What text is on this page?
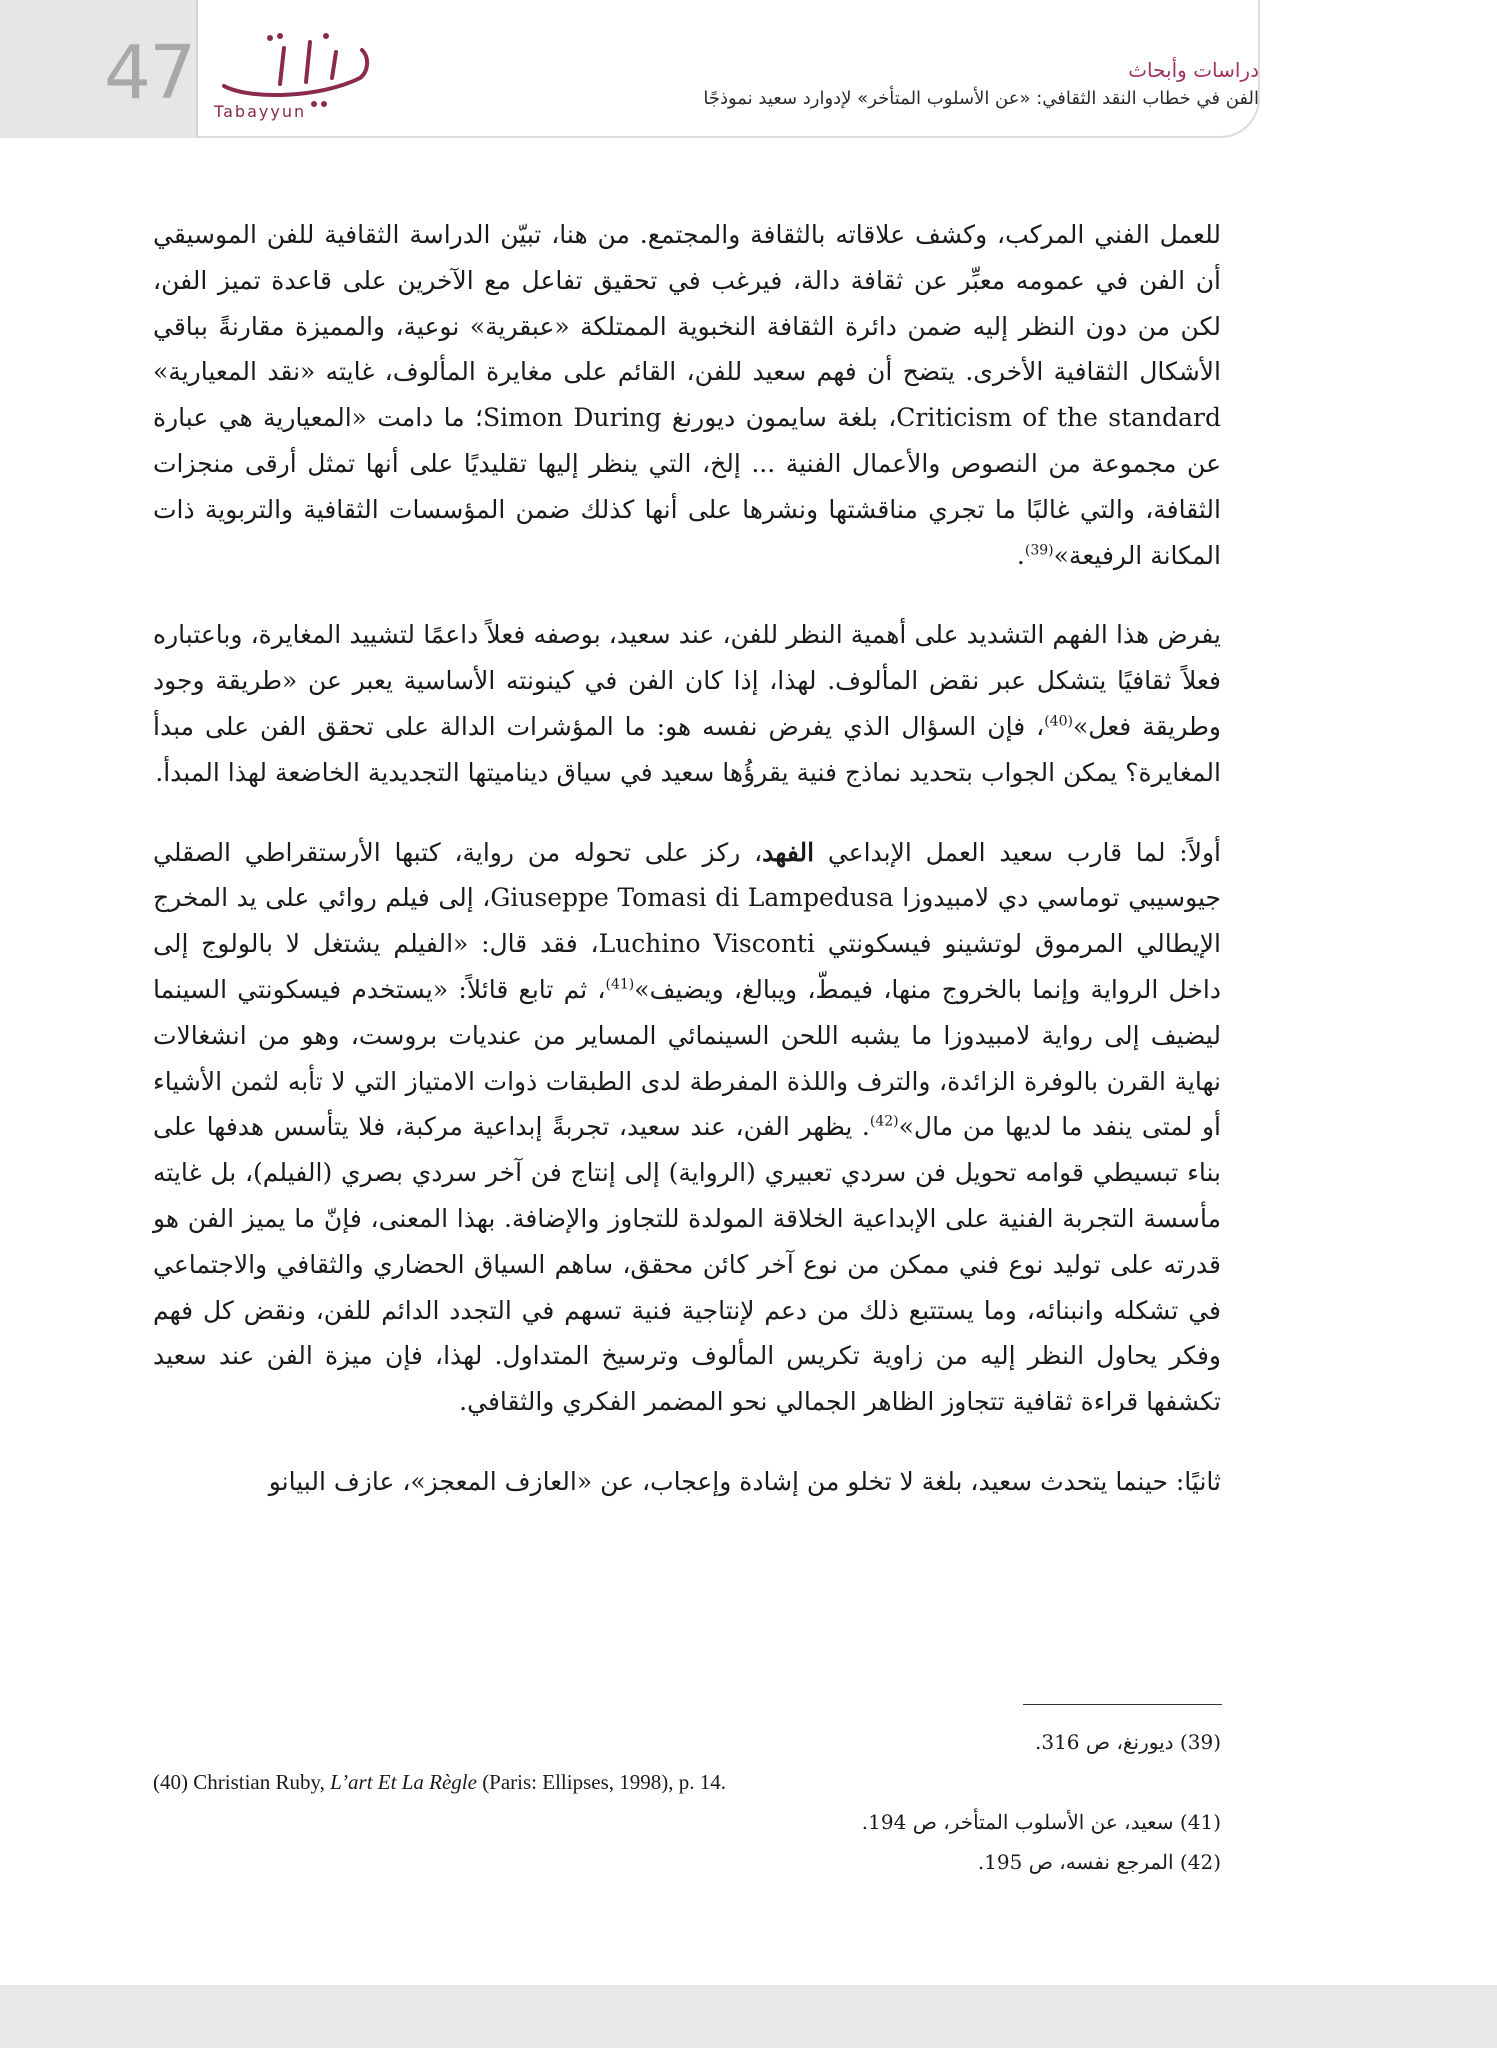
47 Tabayyun
دراسات وأبحاث
الفن في خطاب النقد الثقافي: «عن الأسلوب المتأخر» لإدوارد سعيد نموذجًا

للعمل الفني المركب، وكشف علاقاته بالثقافة والمجتمع. من هنا، تبيّن الدراسة الثقافية للفن الموسيقي أن الفن في عمومه معبِّر عن ثقافة دالة، فيرغب في تحقيق تفاعل مع الآخرين على قاعدة تميز الفن، لكن من دون النظر إليه ضمن دائرة الثقافة النخبوية الممتلكة «عبقرية» نوعية، والمميزة مقارنةً بباقي الأشكال الثقافية الأخرى. يتضح أن فهم سعيد للفن، القائم على مغايرة المألوف، غايته «نقد المعيارية» Criticism of the standard، بلغة سايمون ديورنغ Simon During؛ ما دامت «المعيارية هي عبارة عن مجموعة من النصوص والأعمال الفنية ... إلخ، التي ينظر إليها تقليديًا على أنها تمثل أرقى منجزات الثقافة، والتي غالبًا ما تجري مناقشتها ونشرها على أنها كذلك ضمن المؤسسات الثقافية والتربوية ذات المكانة الرفيعة»$^{(39)}$.

يفرض هذا الفهم التشديد على أهمية النظر للفن، عند سعيد، بوصفه فعلاً داعمًا لتشييد المغايرة، وباعتباره فعلاً ثقافيًا يتشكل عبر نقض المألوف. لهذا، إذا كان الفن في كينونته الأساسية يعبر عن «طريقة وجود وطريقة فعل»$^{(40)}$، فإن السؤال الذي يفرض نفسه هو: ما المؤشرات الدالة على تحقق الفن على مبدأ المغايرة؟ يمكن الجواب بتحديد نماذج فنية يقرؤُها سعيد في سياق ديناميتها التجديدية الخاضعة لهذا المبدأ.

أولاً: لما قارب سعيد العمل الإبداعي الفهد، ركز على تحوله من رواية، كتبها الأرستقراطي الصقلي جيوسيبي توماسي دي لامبيدوزا Giuseppe Tomasi di Lampedusa، إلى فيلم روائي على يد المخرج الإيطالي المرموق لوتشينو فيسكونتي Luchino Visconti، فقد قال: «الفيلم يشتغل لا بالولوج إلى داخل الرواية وإنما بالخروج منها، فيمطّ، ويبالغ، ويضيف»$^{(41)}$، ثم تابع قائلاً: «يستخدم فيسكونتي السينما ليضيف إلى رواية لامبيدوزا ما يشبه اللحن السينمائي المساير من عنديات بروست، وهو من انشغالات نهاية القرن بالوفرة الزائدة، والترف واللذة المفرطة لدى الطبقات ذوات الامتياز التي لا تأبه لثمن الأشياء أو لمتى ينفد ما لديها من مال»$^{(42)}$. يظهر الفن، عند سعيد، تجربةً إبداعية مركبة، فلا يتأسس هدفها على بناء تبسيطي قوامه تحويل فن سردي تعبيري (الرواية) إلى إنتاج فن آخر سردي بصري (الفيلم)، بل غايته مأسسة التجربة الفنية على الإبداعية الخلاقة المولدة للتجاوز والإضافة. بهذا المعنى، فإنّ ما يميز الفن هو قدرته على توليد نوع فني ممكن من نوع آخر كائن محقق، ساهم السياق الحضاري والثقافي والاجتماعي في تشكله وانبنائه، وما يستتبع ذلك من دعم لإنتاجية فنية تسهم في التجدد الدائم للفن، ونقض كل فهم وفكر يحاول النظر إليه من زاوية تكريس المألوف وترسيخ المتداول. لهذا، فإن ميزة الفن عند سعيد تكشفها قراءة ثقافية تتجاوز الظاهر الجمالي نحو المضمر الفكري والثقافي.

ثانيًا: حينما يتحدث سعيد، بلغة لا تخلو من إشادة وإعجاب، عن «العازف المعجز»، عازف البيانو

(39) ديورنغ، ص 316.
(40) Christian Ruby, L’art Et La Règle (Paris: Ellipses, 1998), p. 14.
(41) سعيد، عن الأسلوب المتأخر، ص 194.
(42) المرجع نفسه، ص 195.
